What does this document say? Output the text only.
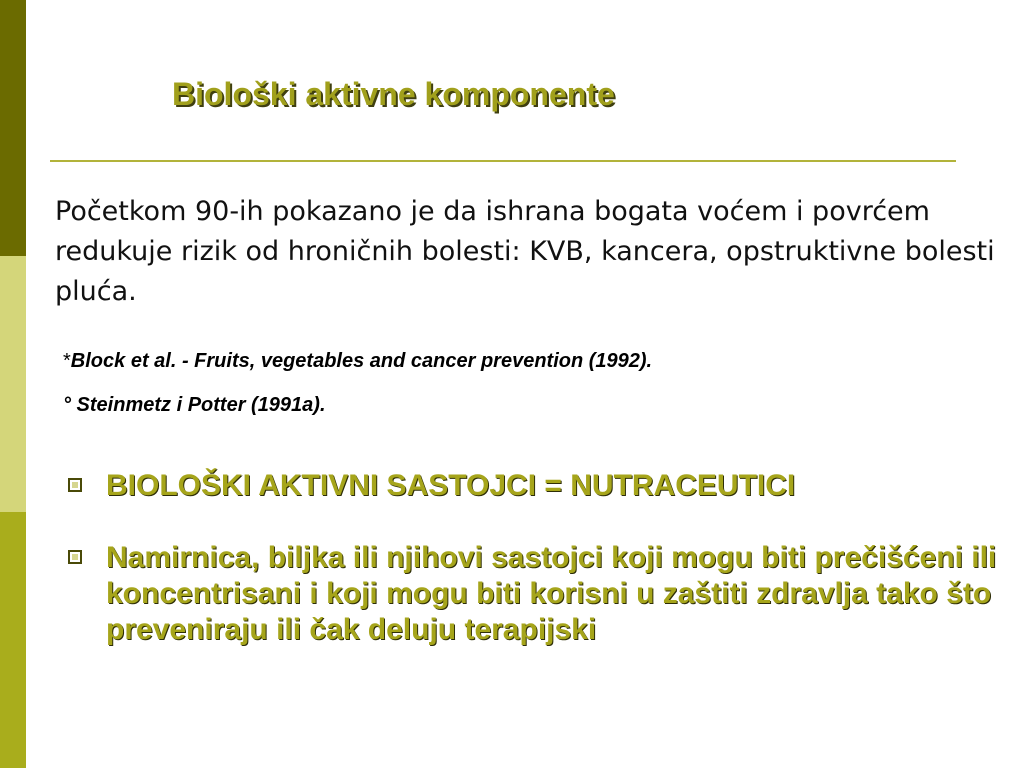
Biološki aktivne komponente

Početkom 90-ih pokazano je da ishrana bogata voćem i povrćem redukuje rizik od hroničnih bolesti: KVB, kancera, opstruktivne bolesti pluća.

*Block et al. - Fruits, vegetables and cancer prevention (1992).
° Steinmetz i Potter (1991a).
BIOLOŠKI AKTIVNI SASTOJCI = NUTRACEUTICI
Namirnica, biljka ili njihovi sastojci koji mogu biti prečišćeni ili koncentrisani i koji mogu biti korisni u zaštiti zdravlja tako što preveniraju ili čak deluju terapijski
